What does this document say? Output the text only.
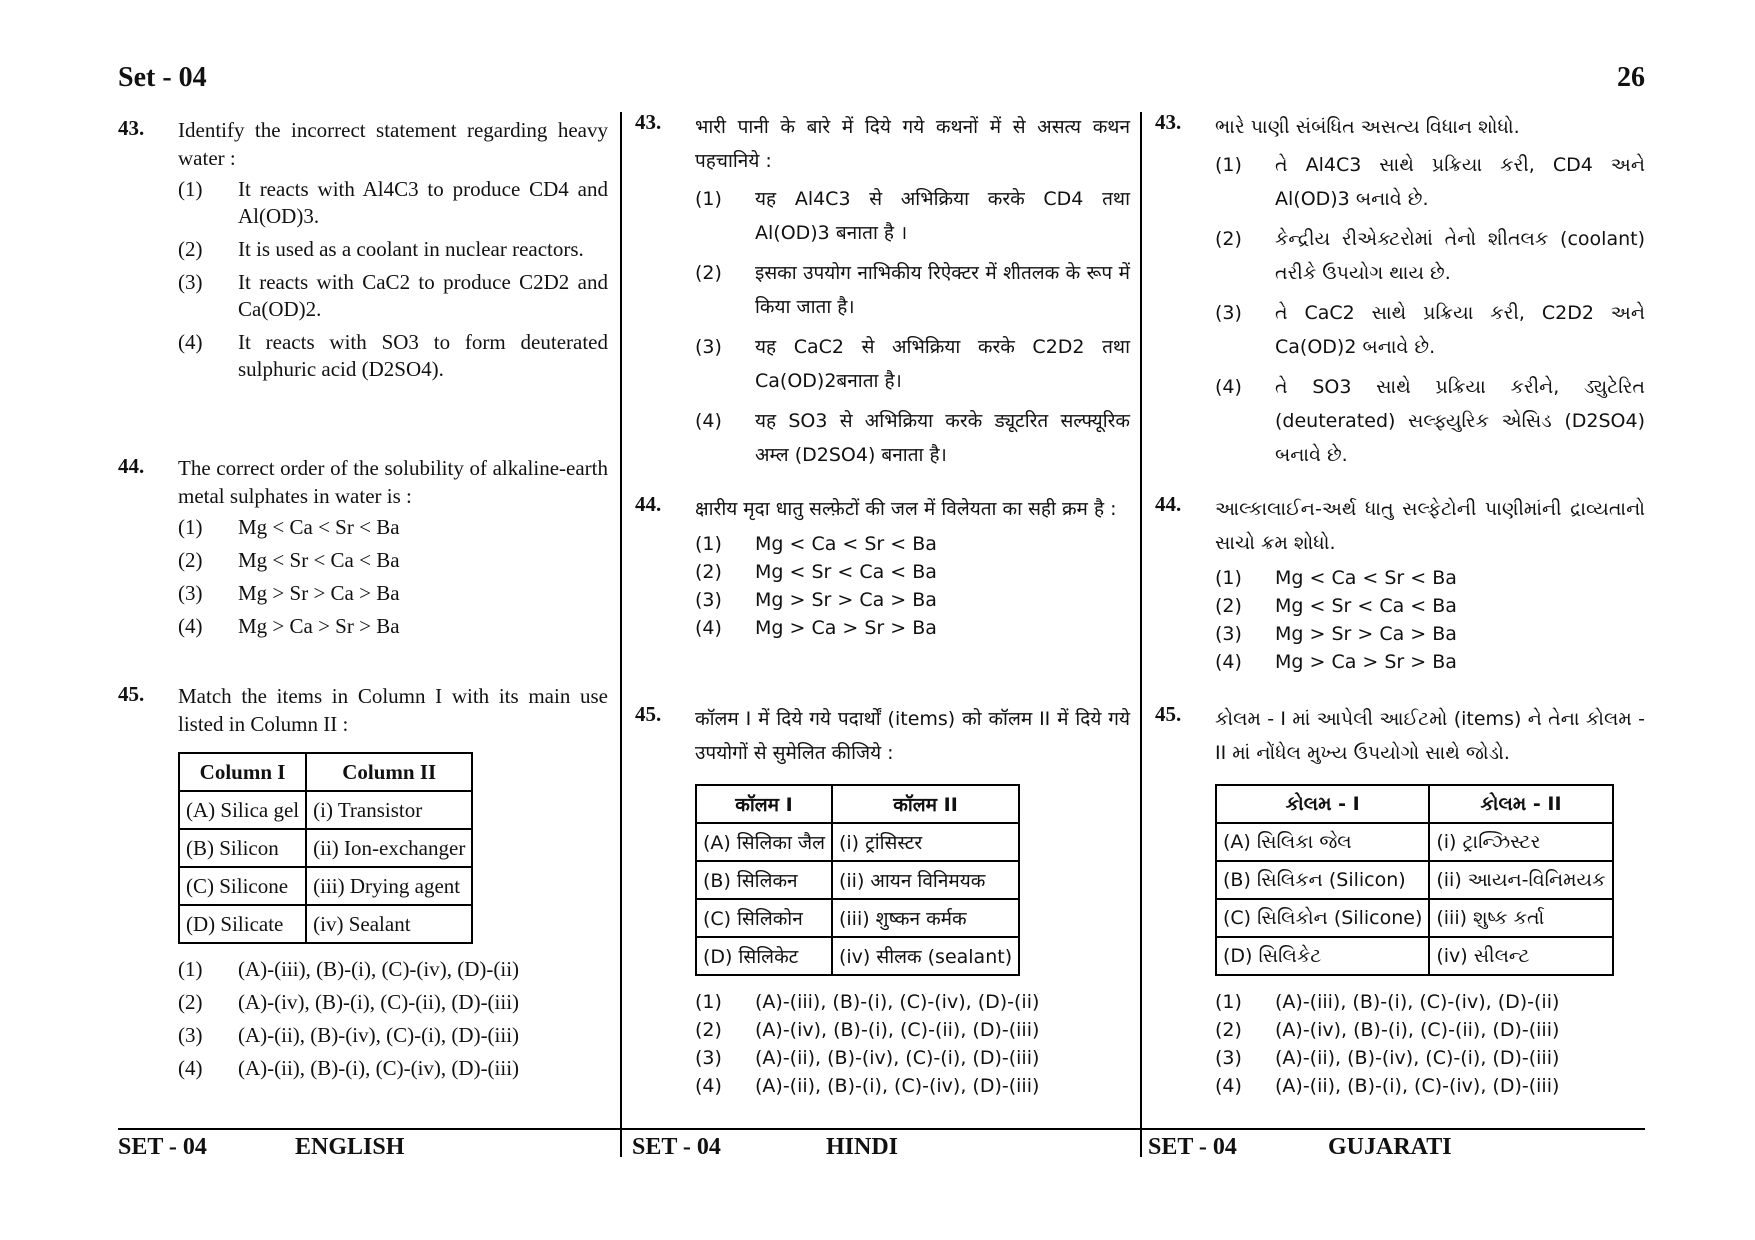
Set - 04	26
43. Identify the incorrect statement regarding heavy water :
(1)	It reacts with Al4C3 to produce CD4 and Al(OD)3.
(2)	It is used as a coolant in nuclear reactors.
(3)	It reacts with CaC2 to produce C2D2 and Ca(OD)2.
(4)	It reacts with SO3 to form deuterated sulphuric acid (D2SO4).
44. The correct order of the solubility of alkaline-earth metal sulphates in water is :
(1)	Mg < Ca < Sr < Ba
(2)	Mg < Sr < Ca < Ba
(3)	Mg > Sr > Ca > Ba
(4)	Mg > Ca > Sr > Ba
45. Match the items in Column I with its main use listed in Column II :
Column I	Column II
(A) Silica gel	(i) Transistor
(B) Silicon	(ii) Ion-exchanger
(C) Silicone	(iii) Drying agent
(D) Silicate	(iv) Sealant
(1)	(A)-(iii), (B)-(i), (C)-(iv), (D)-(ii)
(2)	(A)-(iv), (B)-(i), (C)-(ii), (D)-(iii)
(3)	(A)-(ii), (B)-(iv), (C)-(i), (D)-(iii)
(4)	(A)-(ii), (B)-(i), (C)-(iv), (D)-(iii)
43. भारी पानी के बारे में दिये गये कथनों में से असत्य कथन पहचानिये :
(1)	यह Al4C3 से अभिक्रिया करके CD4 तथा Al(OD)3 बनाता है ।
(2)	इसका उपयोग नाभिकीय रिऐक्टर में शीतलक के रूप में किया जाता है।
(3)	यह CaC2 से अभिक्रिया करके C2D2 तथा Ca(OD)2बनाता है।
(4)	यह SO3 से अभिक्रिया करके ड्यूटरित सल्फ्यूरिक अम्ल (D2SO4) बनाता है।
44. क्षारीय मृदा धातु सल्फ़ेटों की जल में विलेयता का सही क्रम है :
(1)	Mg < Ca < Sr < Ba
(2)	Mg < Sr < Ca < Ba
(3)	Mg > Sr > Ca > Ba
(4)	Mg > Ca > Sr > Ba
45. कॉलम I में दिये गये पदार्थों (items) को कॉलम II में दिये गये उपयोगों से सुमेलित कीजिये :
कॉलम I	कॉलम II
(A) सिलिका जैल	(i) ट्रांसिस्टर
(B) सिलिकन	(ii) आयन विनिमयक
(C) सिलिकोन	(iii) शुष्कन कर्मक
(D) सिलिकेट	(iv) सीलक (sealant)
(1)	(A)-(iii), (B)-(i), (C)-(iv), (D)-(ii)
(2)	(A)-(iv), (B)-(i), (C)-(ii), (D)-(iii)
(3)	(A)-(ii), (B)-(iv), (C)-(i), (D)-(iii)
(4)	(A)-(ii), (B)-(i), (C)-(iv), (D)-(iii)
43. ભારે પાણી સંબંધિત અસત્ય વિધાન શોધો.
(1)	તે Al4C3 સાથે પ્રક્રિયા કરી, CD4 અને Al(OD)3 બનાવે છે.
(2)	કેન્દ્રીય રીએક્ટરોમાં તેનો શીતલક (coolant) તરીકે ઉપયોગ થાય છે.
(3)	તે CaC2 સાથે પ્રક્રિયા કરી, C2D2 અને Ca(OD)2 બનાવે છે.
(4)	તે SO3 સાથે પ્રક્રિયા કરીને, ડ્યુટેરિત (deuterated) સલ્ફ્યુરિક એસિડ (D2SO4) બનાવે છે.
44. આલ્કાલાઈન-અર્થ ધાતુ સલ્ફેટોની પાણીમાંની દ્રાવ્યતાનો સાચો ક્રમ શોધો.
(1)	Mg < Ca < Sr < Ba
(2)	Mg < Sr < Ca < Ba
(3)	Mg > Sr > Ca > Ba
(4)	Mg > Ca > Sr > Ba
45. કોલમ - I માં આપેલી આઈટમો (items) ને તેના કોલમ - II માં નોંધેલ મુખ્ય ઉપયોગો સાથે જોડો.
કોલમ - I	કોલમ - II
(A) સિલિકા જેલ	(i) ટ્રાન્ઝિસ્ટર
(B) સિલિકન (Silicon)	(ii) આયન-વિનિમયક
(C) સિલિકોન (Silicone)	(iii) શુષ્ક કર્તા
(D) સિલિકેટ	(iv) સીલન્ટ
(1)	(A)-(iii), (B)-(i), (C)-(iv), (D)-(ii)
(2)	(A)-(iv), (B)-(i), (C)-(ii), (D)-(iii)
(3)	(A)-(ii), (B)-(iv), (C)-(i), (D)-(iii)
(4)	(A)-(ii), (B)-(i), (C)-(iv), (D)-(iii)
SET - 04	ENGLISH	SET - 04	HINDI	SET - 04	GUJARATI
